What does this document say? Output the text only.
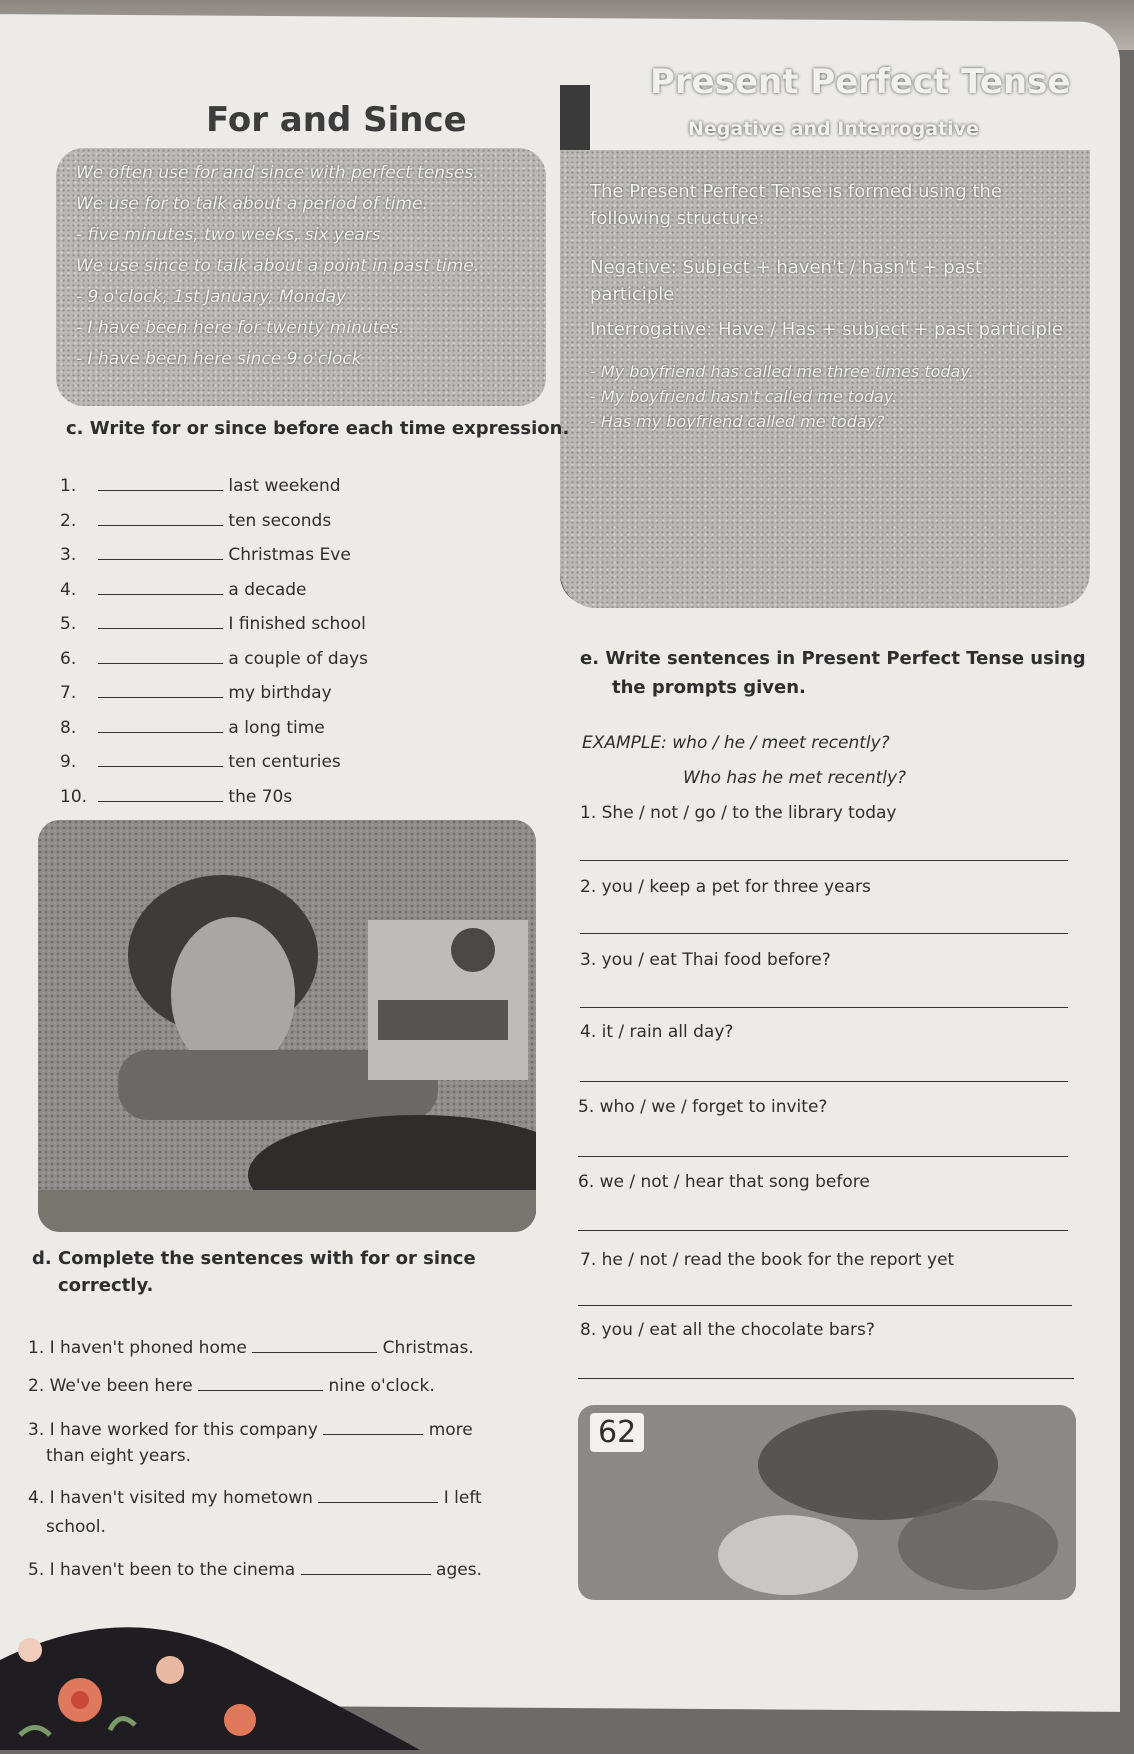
For and Since

We often use for and since with perfect tenses.

We use for to talk about a period of time.

- five minutes, two weeks, six years

We use since to talk about a point in past time.

- 9 o'clock, 1st January, Monday

- I have been here for twenty minutes.

- I have been here since 9 o'clock

Present Perfect Tense
Negative and Interrogative
The Present Perfect Tense is formed using the following structure:
Negative: Subject + haven't / hasn't + past participle
Interrogative: Have / Has + subject + past participle
- My boyfriend has called me three times today.
- My boyfriend hasn't called me today.
- Has my boyfriend called me today?
c. Write for or since before each time expression.
1.	last weekend
2.	ten seconds
3.	Christmas Eve
4.	a decade
5.	I finished school
6.	a couple of days
7.	my birthday
8.	a long time
9.	ten centuries
10.	the 70s
d. Complete the sentences with for or since
correctly.
1. I haven't phoned home	Christmas.
2. We've been here	nine o'clock.
3. I have worked for this company	more
than eight years.
4. I haven't visited my hometown	I left
school.
5. I haven't been to the cinema	ages.
e. Write sentences in Present Perfect Tense using
the prompts given.
EXAMPLE: who / he / meet recently?
Who has he met recently?
1. She / not / go / to the library today
2. you / keep a pet for three years
3. you / eat Thai food before?
4. it / rain all day?
5. who / we / forget to invite?
6. we / not / hear that song before
7. he / not / read the book for the report yet
8. you / eat all the chocolate bars?
62
